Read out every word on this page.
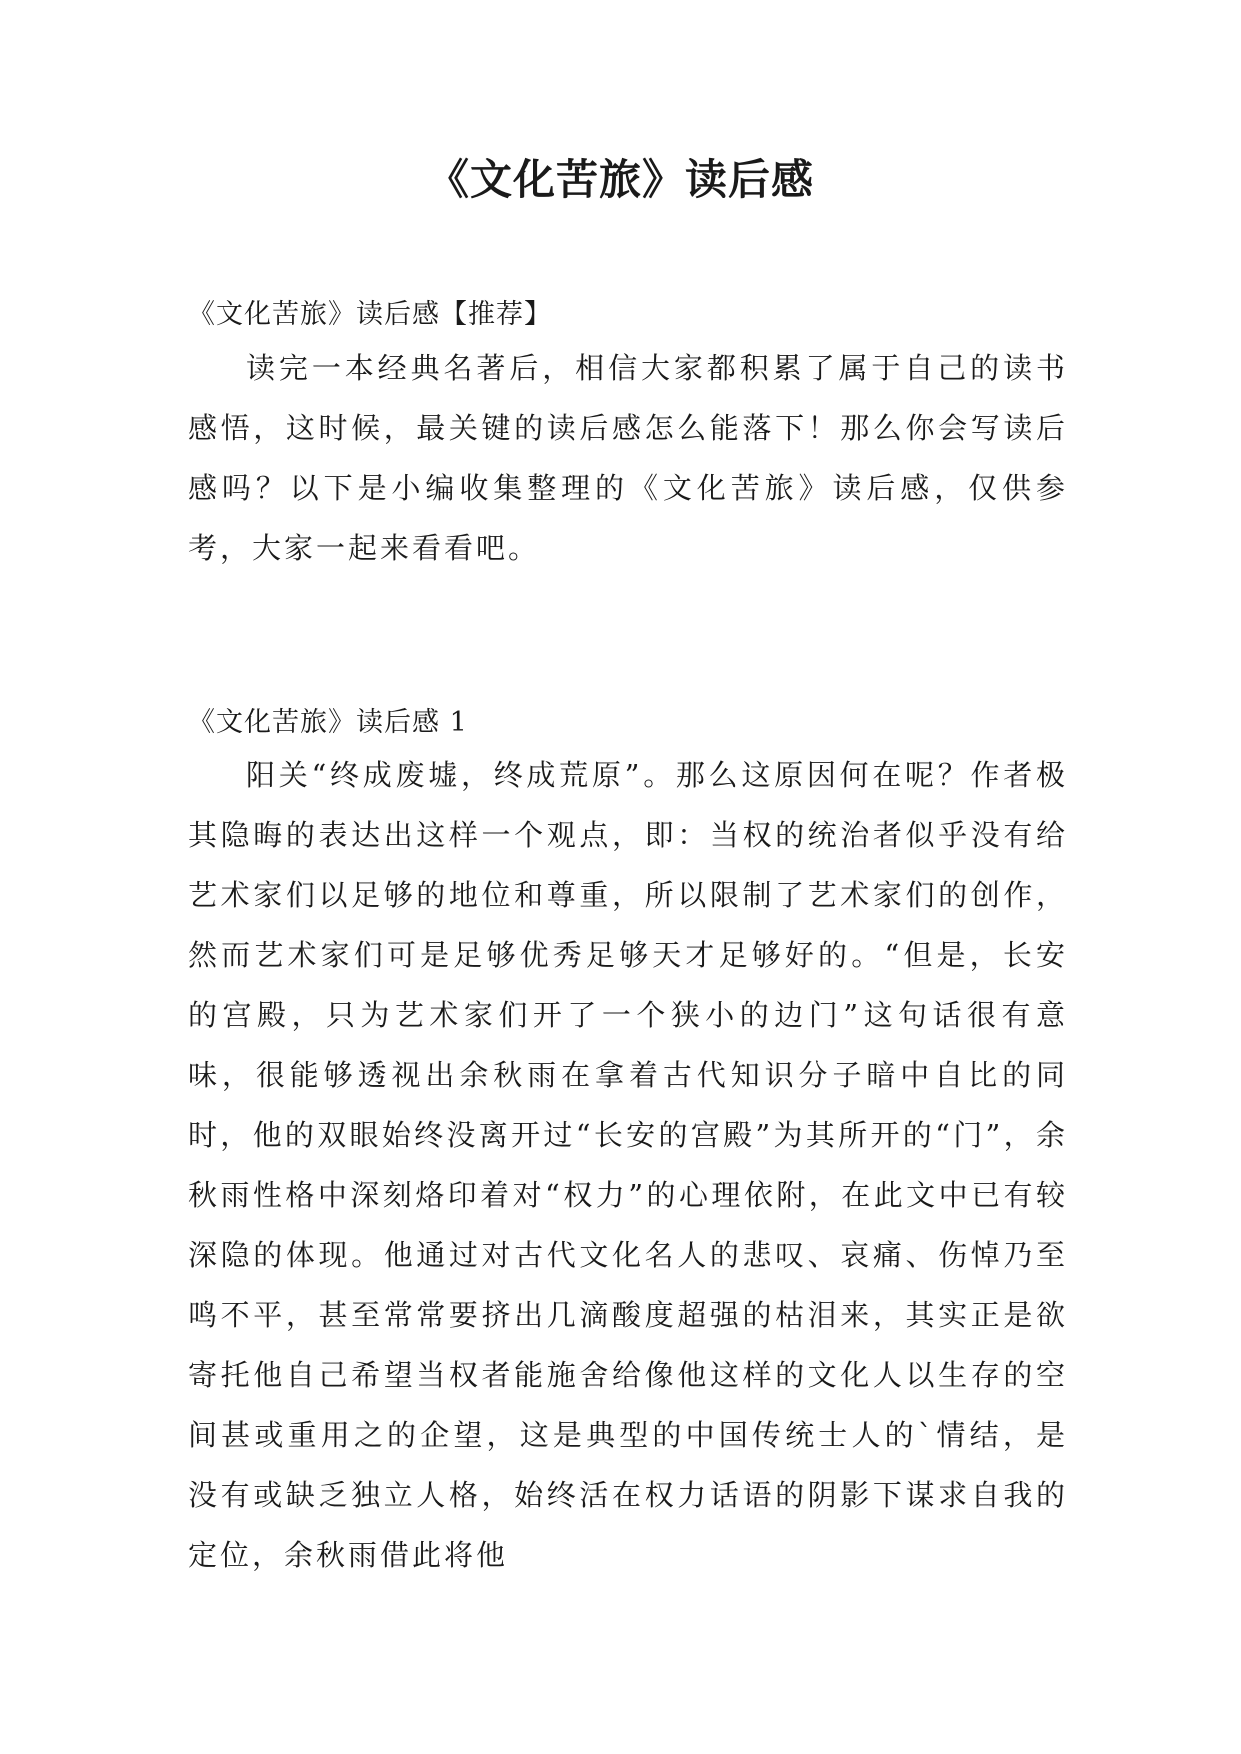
《文化苦旅》读后感
《文化苦旅》读后感【推荐】

读完一本经典名著后，相信大家都积累了属于自己的读书感悟，这时候，最关键的读后感怎么能落下！那么你会写读后感吗？以下是小编收集整理的《文化苦旅》读后感，仅供参考，大家一起来看看吧。

《文化苦旅》读后感 1

阳关“终成废墟，终成荒原”。那么这原因何在呢？作者极其隐晦的表达出这样一个观点，即：当权的统治者似乎没有给艺术家们以足够的地位和尊重，所以限制了艺术家们的创作，然而艺术家们可是足够优秀足够天才足够好的。“但是，长安的宫殿，只为艺术家们开了一个狭小的边门”这句话很有意味，很能够透视出余秋雨在拿着古代知识分子暗中自比的同时，他的双眼始终没离开过“长安的宫殿”为其所开的“门”，余秋雨性格中深刻烙印着对“权力”的心理依附，在此文中已有较深隐的体现。他通过对古代文化名人的悲叹、哀痛、伤悼乃至鸣不平，甚至常常要挤出几滴酸度超强的枯泪来，其实正是欲寄托他自己希望当权者能施舍给像他这样的文化人以生存的空间甚或重用之的企望，这是典型的中国传统士人的`情结，是没有或缺乏独立人格，始终活在权力话语的阴影下谋求自我的定位，余秋雨借此将他
